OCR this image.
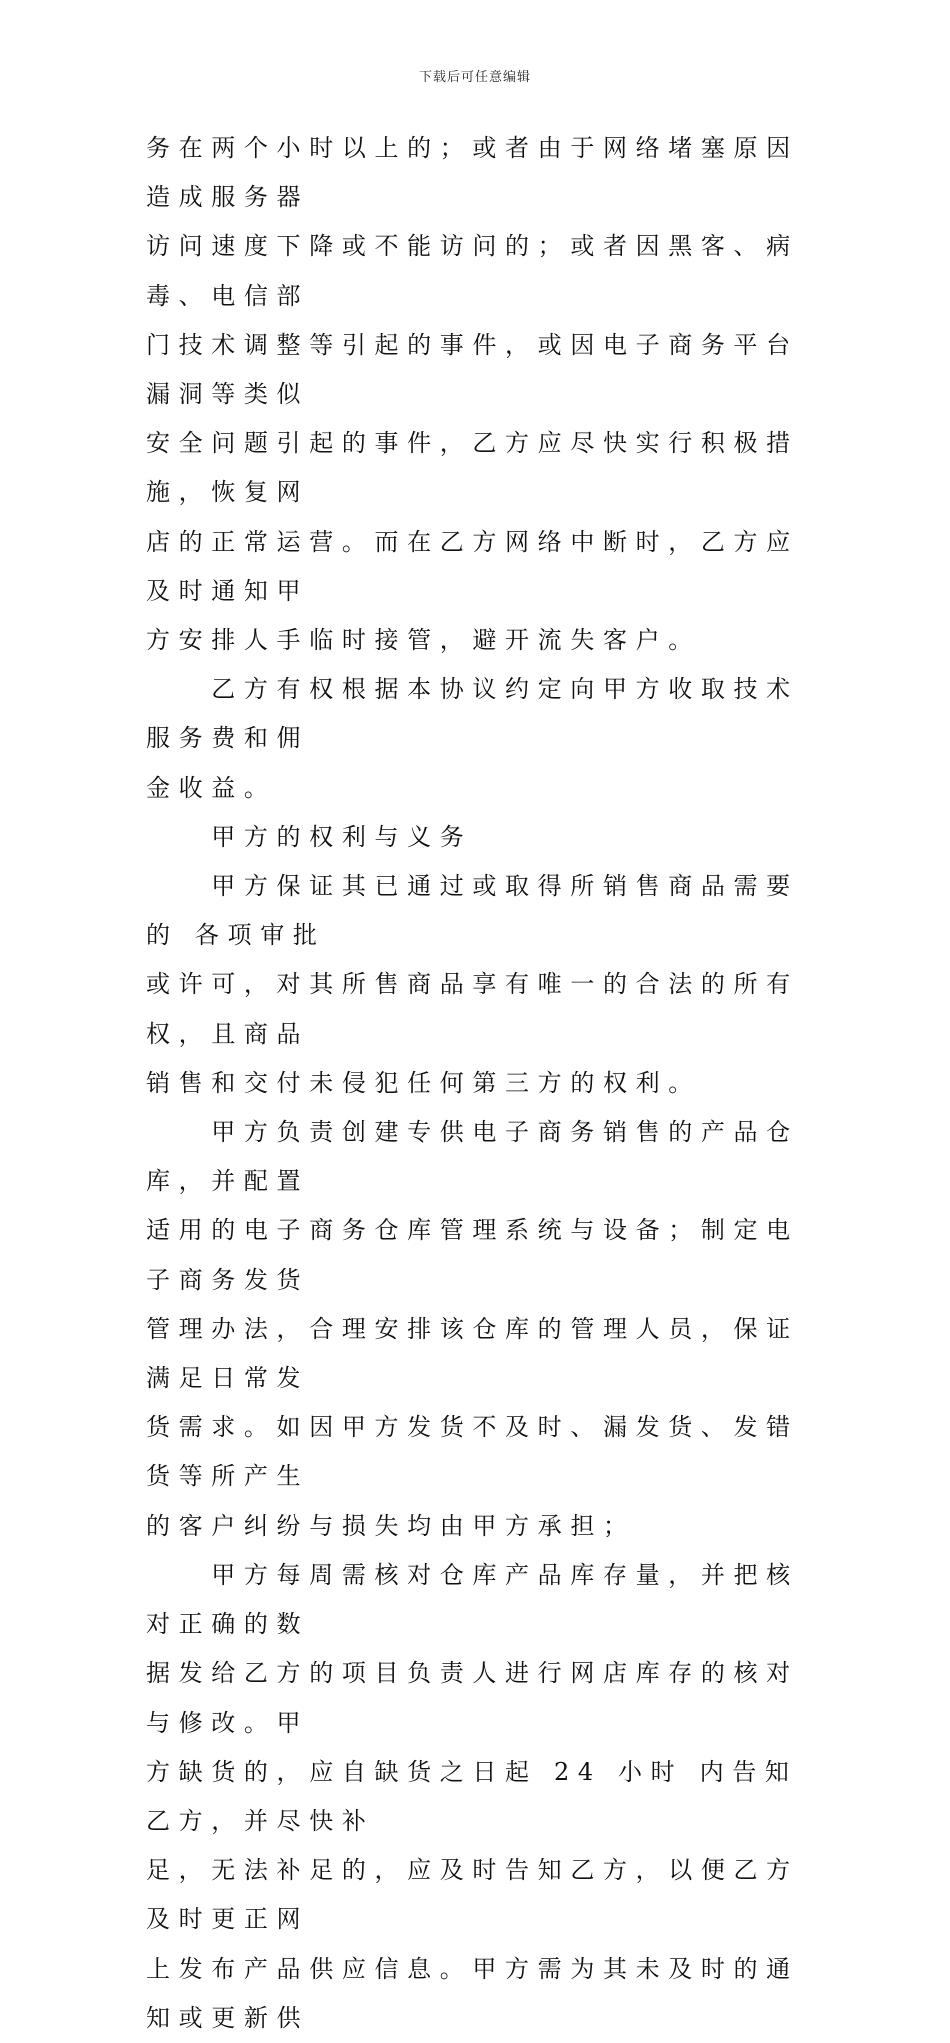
下载后可任意编辑

务在两个小时以上的；或者由于网络堵塞原因造成服务器
访问速度下降或不能访问的；或者因黑客、病毒、电信部
门技术调整等引起的事件，或因电子商务平台漏洞等类似
安全问题引起的事件，乙方应尽快实行积极措施，恢复网
店的正常运营。而在乙方网络中断时，乙方应及时通知甲
方安排人手临时接管，避开流失客户。

乙方有权根据本协议约定向甲方收取技术服务费和佣
金收益。

甲方的权利与义务

甲方保证其已通过或取得所销售商品需要的 各项审批
或许可，对其所售商品享有唯一的合法的所有权，且商品
销售和交付未侵犯任何第三方的权利。

甲方负责创建专供电子商务销售的产品仓库，并配置
适用的电子商务仓库管理系统与设备；制定电子商务发货
管理办法，合理安排该仓库的管理人员，保证满足日常发
货需求。如因甲方发货不及时、漏发货、发错货等所产生
的客户纠纷与损失均由甲方承担；

甲方每周需核对仓库产品库存量，并把核对正确的数
据发给乙方的项目负责人进行网店库存的核对与修改。甲
方缺货的，应自缺货之日起 24 小时 内告知乙方，并尽快补
足，无法补足的，应及时告知乙方，以便乙方及时更正网
上发布产品供应信息。甲方需为其未及时的通知或更新供
